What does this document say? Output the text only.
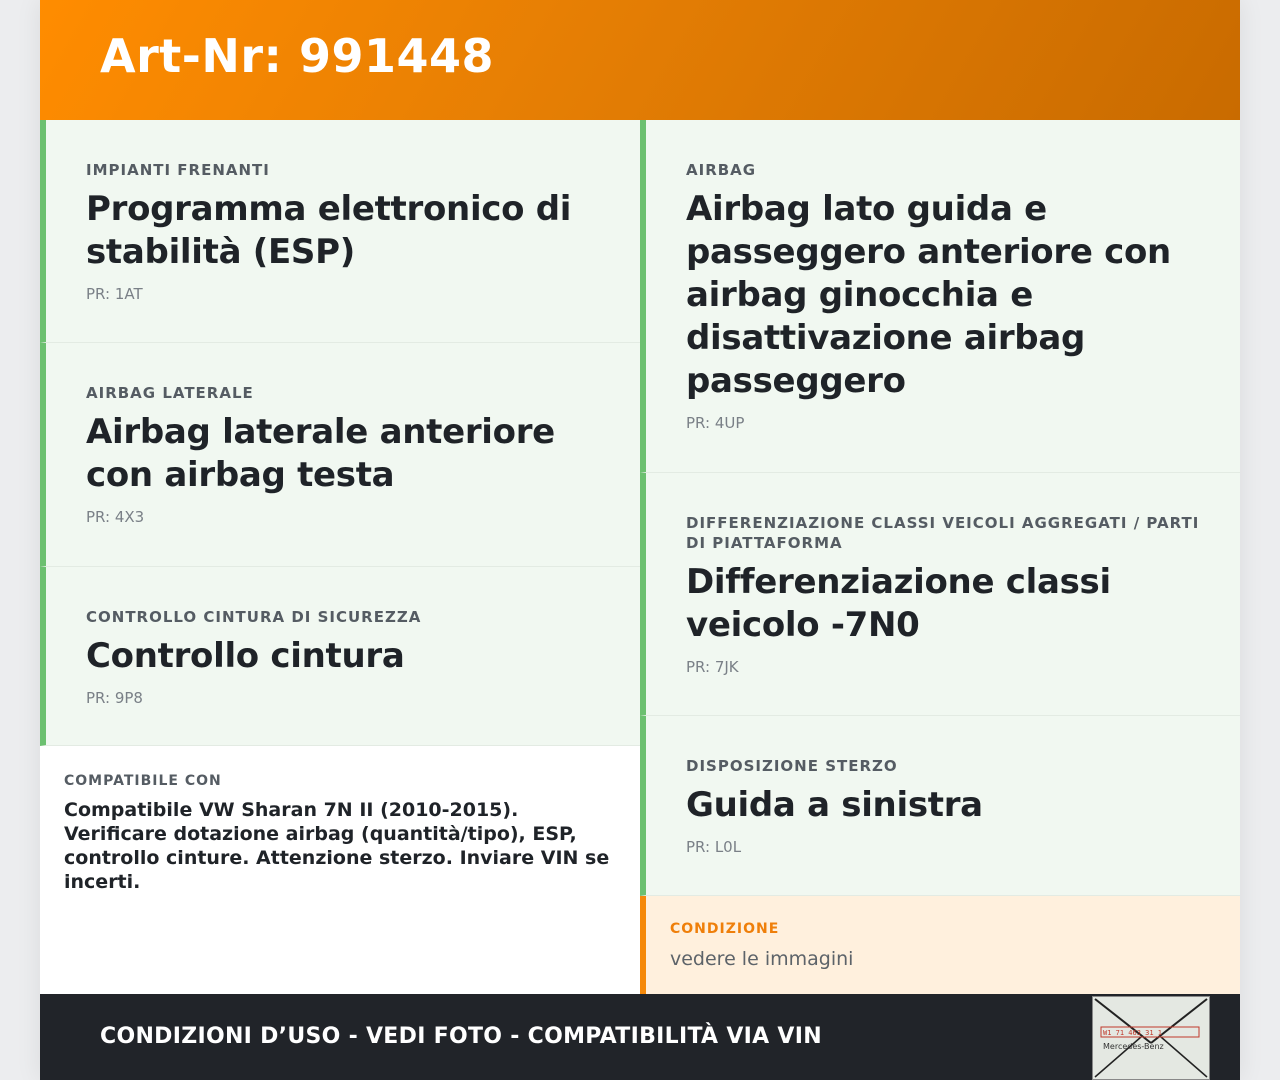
Art-Nr: 991448
IMPIANTI FRENANTI
Programma elettronico di stabilità (ESP)
PR: 1AT
AIRBAG LATERALE
Airbag laterale anteriore con airbag testa
PR: 4X3
CONTROLLO CINTURA DI SICUREZZA
Controllo cintura
PR: 9P8
COMPATIBILE CON
Compatibile VW Sharan 7N II (2010-2015). Verificare dotazione airbag (quantità/tipo), ESP, controllo cinture. Attenzione sterzo. Inviare VIN se incerti.
AIRBAG
Airbag lato guida e passeggero anteriore con airbag ginocchia e disattivazione airbag passeggero
PR: 4UP
DIFFERENZIAZIONE CLASSI VEICOLI AGGREGATI / PARTI DI PIATTAFORMA
Differenziazione classi veicolo -7N0
PR: 7JK
DISPOSIZIONE STERZO
Guida a sinistra
PR: L0L
CONDIZIONE
vedere le immagini
CONDIZIONI D’USO - VEDI FOTO - COMPATIBILITÀ VIA VIN	W1 71 463 31 1
Mercedes-Benz
